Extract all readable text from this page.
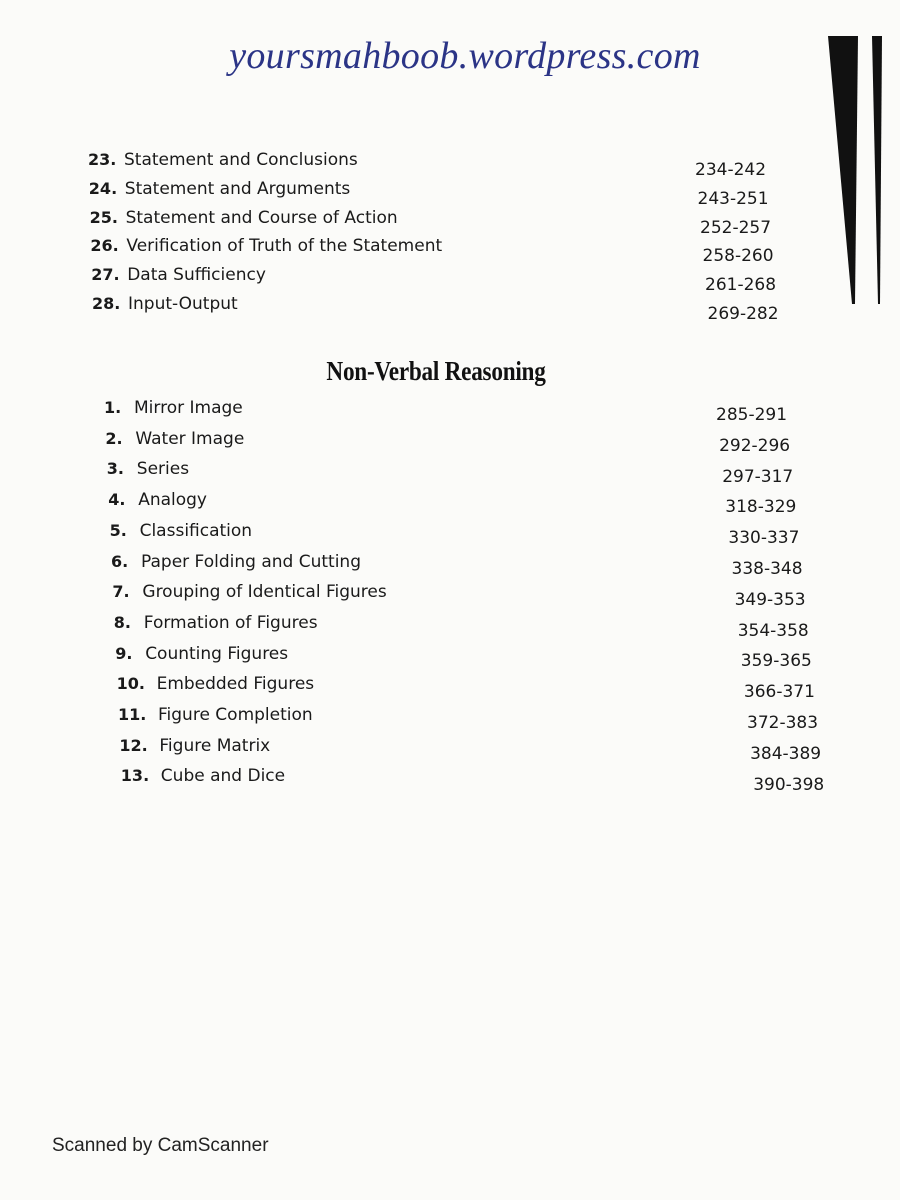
yoursmahboob.wordpress.com
23. Statement and Conclusions	234-242
24. Statement and Arguments	243-251
25. Statement and Course of Action	252-257
26. Verification of Truth of the Statement	258-260
27. Data Sufficiency	261-268
28. Input-Output	269-282
1. Mirror Image	285-291
2. Water Image	292-296
3. Series	297-317
4. Analogy	318-329
5. Classification	330-337
6. Paper Folding and Cutting	338-348
7. Grouping of Identical Figures	349-353
8. Formation of Figures	354-358
9. Counting Figures	359-365
10. Embedded Figures	366-371
11. Figure Completion	372-383
12. Figure Matrix	384-389
13. Cube and Dice	390-398
Non-Verbal Reasoning
Scanned by CamScanner
